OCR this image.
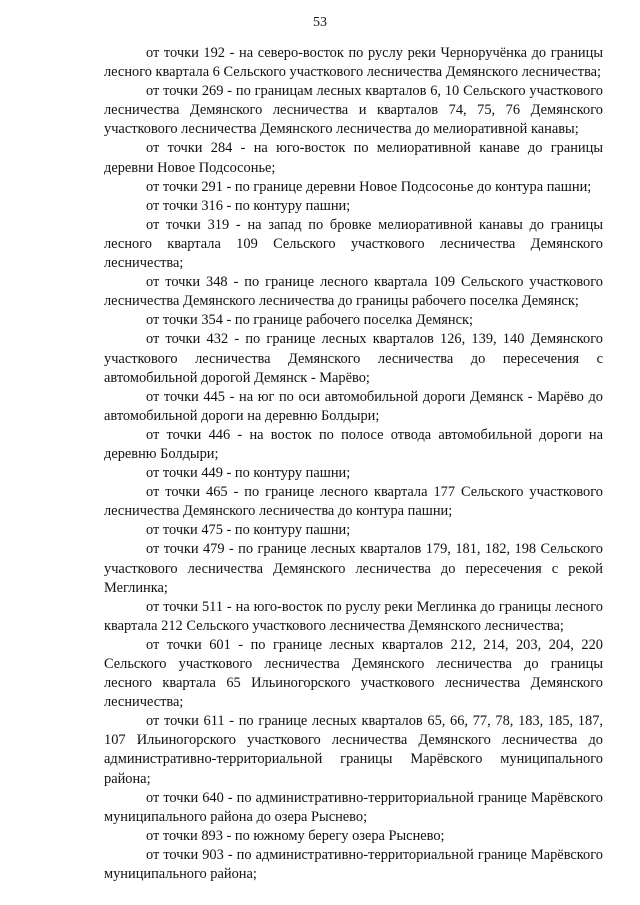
53

от точки 192 - на северо-восток по руслу реки Черноручёнка до границы лесного квартала 6 Сельского участкового лесничества Демянского лесничества;

от точки 269 - по границам лесных кварталов 6, 10 Сельского участкового лесничества Демянского лесничества и кварталов 74, 75, 76 Демянского участкового лесничества Демянского лесничества до мелиоративной канавы;

от точки 284 - на юго-восток по мелиоративной канаве до границы деревни Новое Подсосонье;

от точки 291 - по границе деревни Новое Подсосонье до контура пашни;

от точки 316 - по контуру пашни;

от точки 319 - на запад по бровке мелиоративной канавы до границы лесного квартала 109 Сельского участкового лесничества Демянского лесничества;

от точки 348 - по границе лесного квартала 109 Сельского участкового лесничества Демянского лесничества до границы рабочего поселка Демянск;

от точки 354 - по границе рабочего поселка Демянск;

от точки 432 - по границе лесных кварталов 126, 139, 140 Демянского участкового лесничества Демянского лесничества до пересечения с автомобильной дорогой Демянск - Марёво;

от точки 445 - на юг по оси автомобильной дороги Демянск - Марёво до автомобильной дороги на деревню Болдыри;

от точки 446 - на восток по полосе отвода автомобильной дороги на деревню Болдыри;

от точки 449 - по контуру пашни;

от точки 465 - по границе лесного квартала 177 Сельского участкового лесничества Демянского лесничества до контура пашни;

от точки 475 - по контуру пашни;

от точки 479 - по границе лесных кварталов 179, 181, 182, 198 Сельского участкового лесничества Демянского лесничества до пересечения с рекой Меглинка;

от точки 511 - на юго-восток по руслу реки Меглинка до границы лесного квартала 212 Сельского участкового лесничества Демянского лесничества;

от точки 601 - по границе лесных кварталов 212, 214, 203, 204, 220 Сельского участкового лесничества Демянского лесничества до границы лесного квартала 65 Ильиногорского участкового лесничества Демянского лесничества;

от точки 611 - по границе лесных кварталов 65, 66, 77, 78, 183, 185, 187, 107 Ильиногорского участкового лесничества Демянского лесничества до административно-территориальной границы Марёвского муниципального района;

от точки 640 - по административно-территориальной границе Марёвского муниципального района до озера Рыснево;

от точки 893 - по южному берегу озера Рыснево;

от точки 903 - по административно-территориальной границе Марёвского муниципального района;
